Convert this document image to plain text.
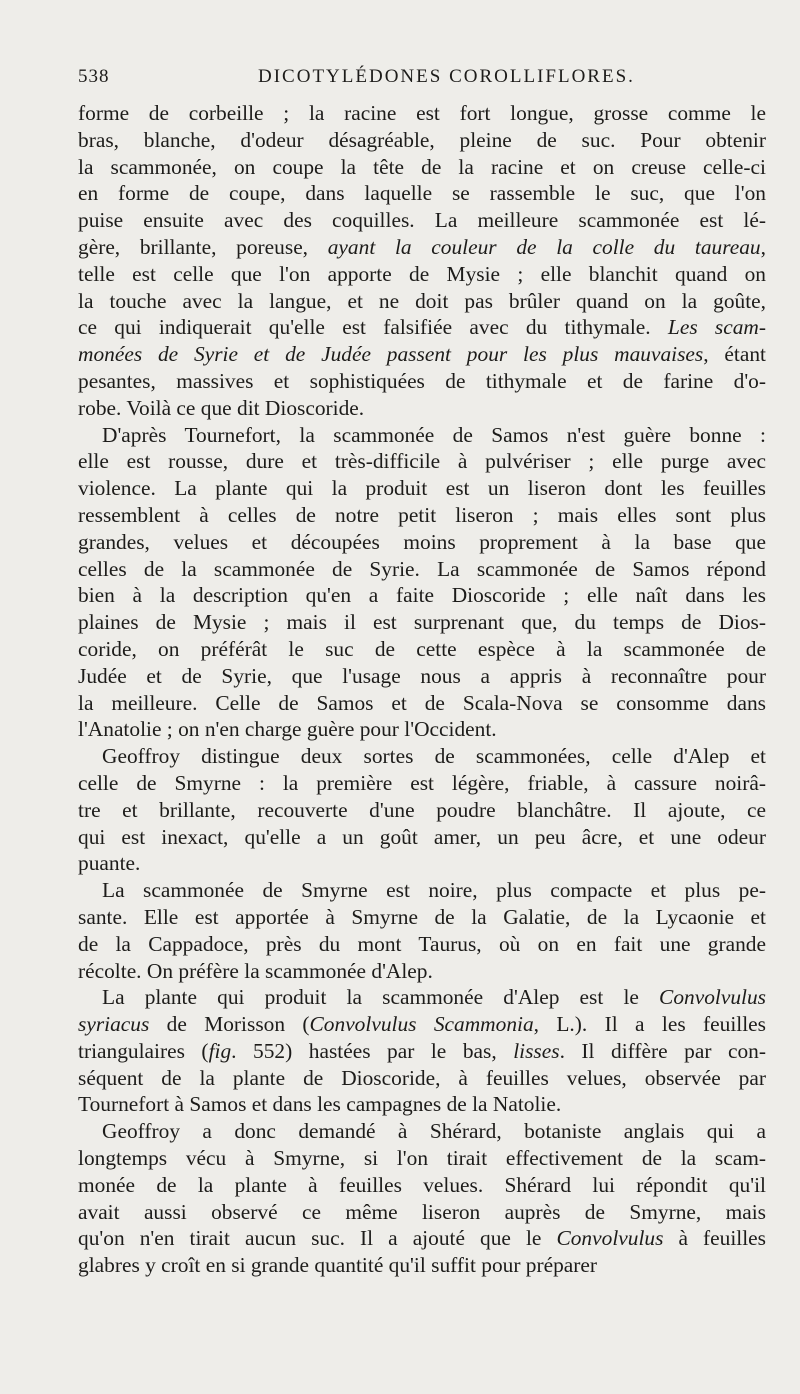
538	DICOTYLÉDONES COROLLIFLORES.

forme de corbeille ; la racine est fort longue, grosse comme le
bras, blanche, d'odeur désagréable, pleine de suc. Pour obtenir
la scammonée, on coupe la tête de la racine et on creuse celle-ci
en forme de coupe, dans laquelle se rassemble le suc, que l'on
puise ensuite avec des coquilles. La meilleure scammonée est lé-
gère, brillante, poreuse, ayant la couleur de la colle du taureau,
telle est celle que l'on apporte de Mysie ; elle blanchit quand on
la touche avec la langue, et ne doit pas brûler quand on la goûte,
ce qui indiquerait qu'elle est falsifiée avec du tithymale. Les scam-
monées de Syrie et de Judée passent pour les plus mauvaises, étant
pesantes, massives et sophistiquées de tithymale et de farine d'o-
robe. Voilà ce que dit Dioscoride.

D'après Tournefort, la scammonée de Samos n'est guère bonne :
elle est rousse, dure et très-difficile à pulvériser ; elle purge avec
violence. La plante qui la produit est un liseron dont les feuilles
ressemblent à celles de notre petit liseron ; mais elles sont plus
grandes, velues et découpées moins proprement à la base que
celles de la scammonée de Syrie. La scammonée de Samos répond
bien à la description qu'en a faite Dioscoride ; elle naît dans les
plaines de Mysie ; mais il est surprenant que, du temps de Dios-
coride, on préférât le suc de cette espèce à la scammonée de
Judée et de Syrie, que l'usage nous a appris à reconnaître pour
la meilleure. Celle de Samos et de Scala-Nova se consomme dans
l'Anatolie ; on n'en charge guère pour l'Occident.

Geoffroy distingue deux sortes de scammonées, celle d'Alep et
celle de Smyrne : la première est légère, friable, à cassure noirâ-
tre et brillante, recouverte d'une poudre blanchâtre. Il ajoute, ce
qui est inexact, qu'elle a un goût amer, un peu âcre, et une odeur
puante.

La scammonée de Smyrne est noire, plus compacte et plus pe-
sante. Elle est apportée à Smyrne de la Galatie, de la Lycaonie et
de la Cappadoce, près du mont Taurus, où on en fait une grande
récolte. On préfère la scammonée d'Alep.

La plante qui produit la scammonée d'Alep est le Convolvulus
syriacus de Morisson (Convolvulus Scammonia, L.). Il a les feuilles
triangulaires (fig. 552) hastées par le bas, lisses. Il diffère par con-
séquent de la plante de Dioscoride, à feuilles velues, observée par
Tournefort à Samos et dans les campagnes de la Natolie.

Geoffroy a donc demandé à Shérard, botaniste anglais qui a
longtemps vécu à Smyrne, si l'on tirait effectivement de la scam-
monée de la plante à feuilles velues. Shérard lui répondit qu'il
avait aussi observé ce même liseron auprès de Smyrne, mais
qu'on n'en tirait aucun suc. Il a ajouté que le Convolvulus à feuilles
glabres y croît en si grande quantité qu'il suffit pour préparer
